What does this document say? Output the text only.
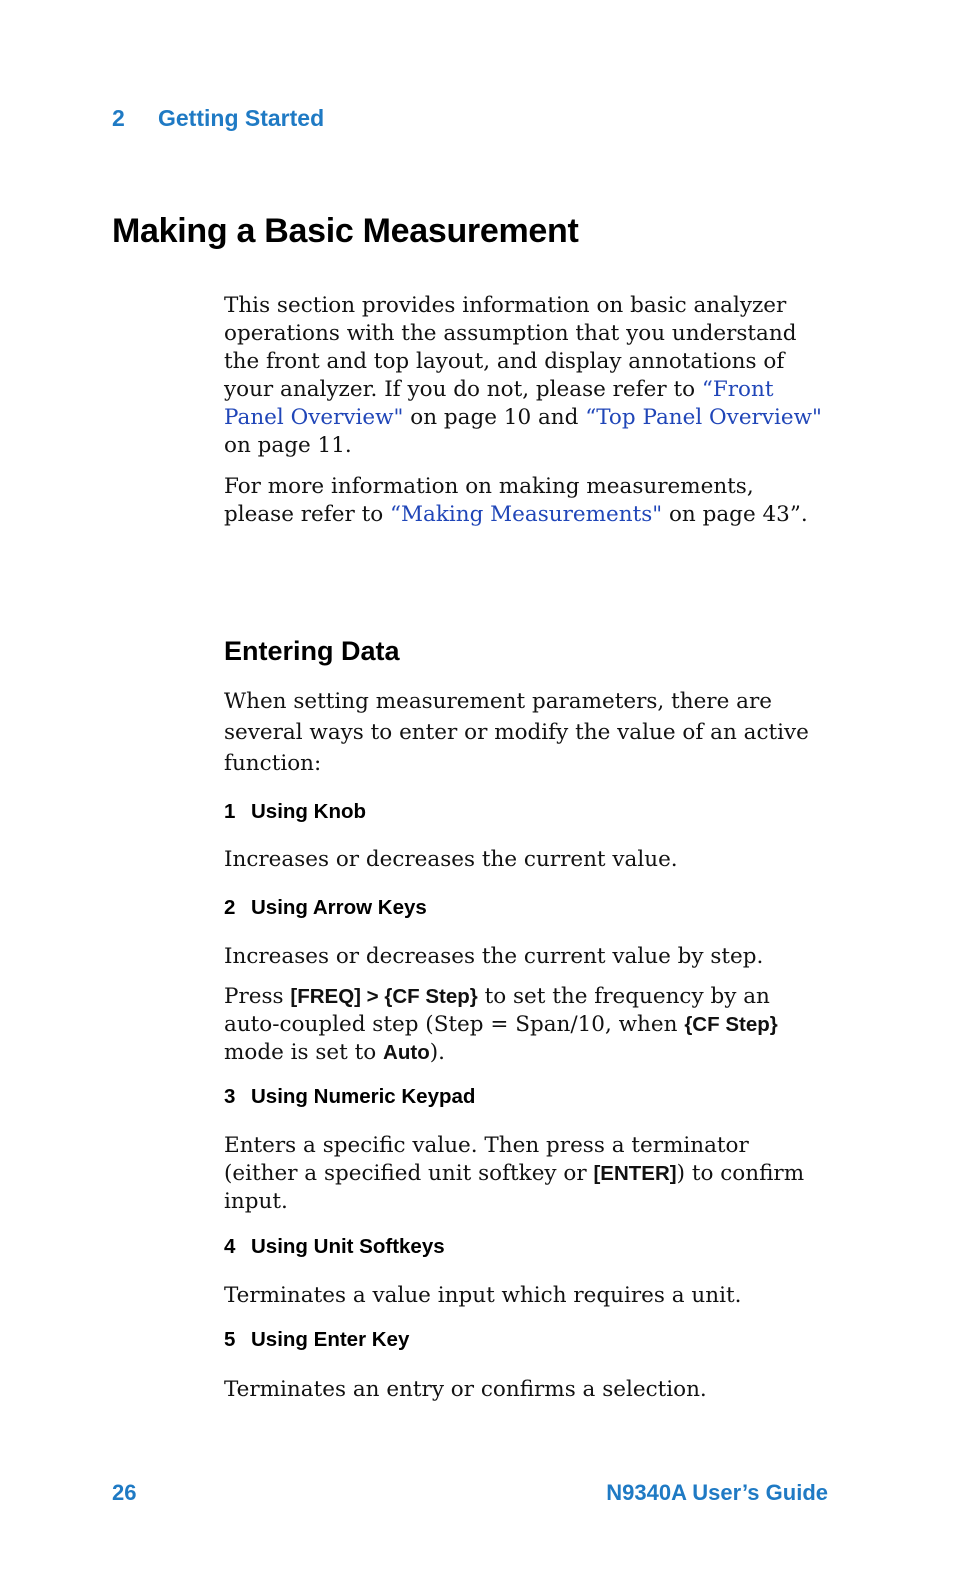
2 Getting Started
Making a Basic Measurement

This section provides information on basic analyzer operations with the assumption that you understand the front and top layout, and display annotations of your analyzer. If you do not, please refer to “Front Panel Overview" on page 10 and “Top Panel Overview" on page 11.

For more information on making measurements, please refer to “Making Measurements" on page 43”.

Entering Data

When setting measurement parameters, there are several ways to enter or modify the value of an active function:

1 Using Knob

Increases or decreases the current value.

2 Using Arrow Keys

Increases or decreases the current value by step.

Press [FREQ] > {CF Step} to set the frequency by an auto-coupled step (Step = Span/10, when {CF Step} mode is set to Auto).

3 Using Numeric Keypad

Enters a specific value. Then press a terminator (either a specified unit softkey or [ENTER]) to confirm input.

4 Using Unit Softkeys

Terminates a value input which requires a unit.

5 Using Enter Key

Terminates an entry or confirms a selection.

26	N9340A User’s Guide
